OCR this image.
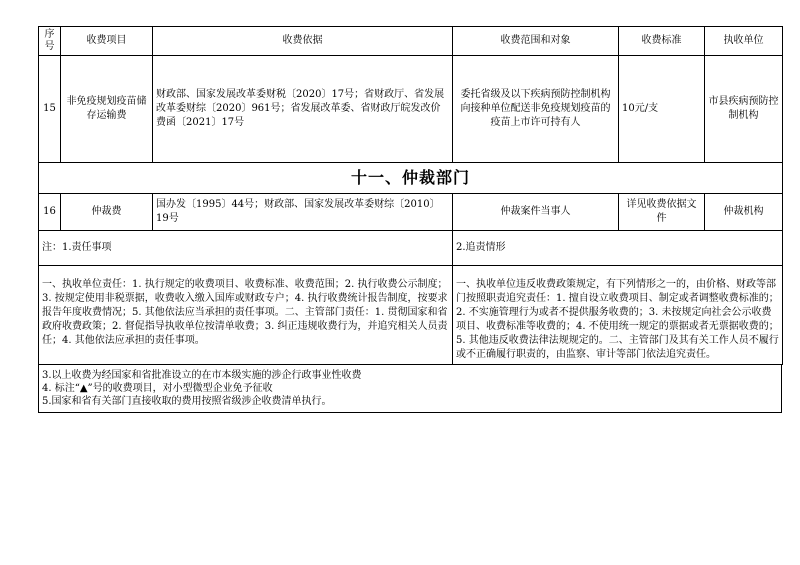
序号	收费项目	收费依据	收费范围和对象	收费标准	执收单位
15	非免疫规划疫苗储存运输费	财政部、国家发展改革委财税〔2020〕17号；省财政厅、省发展改革委财综〔2020〕961号；省发展改革委、省财政厅皖发改价费函〔2021〕17号	委托省级及以下疾病预防控制机构向接种单位配送非免疫规划疫苗的疫苗上市许可持有人	10元/支	市县疾病预防控制机构
十一、仲裁部门					
16	仲裁费	国办发〔1995〕44号；财政部、国家发展改革委财综〔2010〕19号	仲裁案件当事人	详见收费依据文件	仲裁机构
注：1.责任事项			2.追责情形		
一、执收单位责任：1. 执行规定的收费项目、收费标准、收费范围；2. 执行收费公示制度；3. 按规定使用非税票据，收费收入缴入国库或财政专户；4. 执行收费统计报告制度，按要求报告年度收费情况；5. 其他依法应当承担的责任事项。二、主管部门责任：1. 贯彻国家和省政府收费政策；2. 督促指导执收单位按清单收费；3. 纠正违规收费行为，并追究相关人员责任；4. 其他依法应承担的责任事项。			一、执收单位违反收费政策规定，有下列情形之一的，由价格、财政等部门按照职责追究责任：1. 擅自设立收费项目、制定或者调整收费标准的；2. 不实施管理行为或者不提供服务收费的；3. 未按规定向社会公示收费项目、收费标准等收费的；4. 不使用统一规定的票据或者无票据收费的；5. 其他违反收费法律法规规定的。二、主管部门及其有关工作人员不履行或不正确履行职责的，由监察、审计等部门依法追究责任。		
3.以上收费为经国家和省批准设立的在市本级实施的涉企行政事业性收费
4. 标注“▲”号的收费项目，对小型微型企业免予征收
5.国家和省有关部门直接收取的费用按照省级涉企收费清单执行。
